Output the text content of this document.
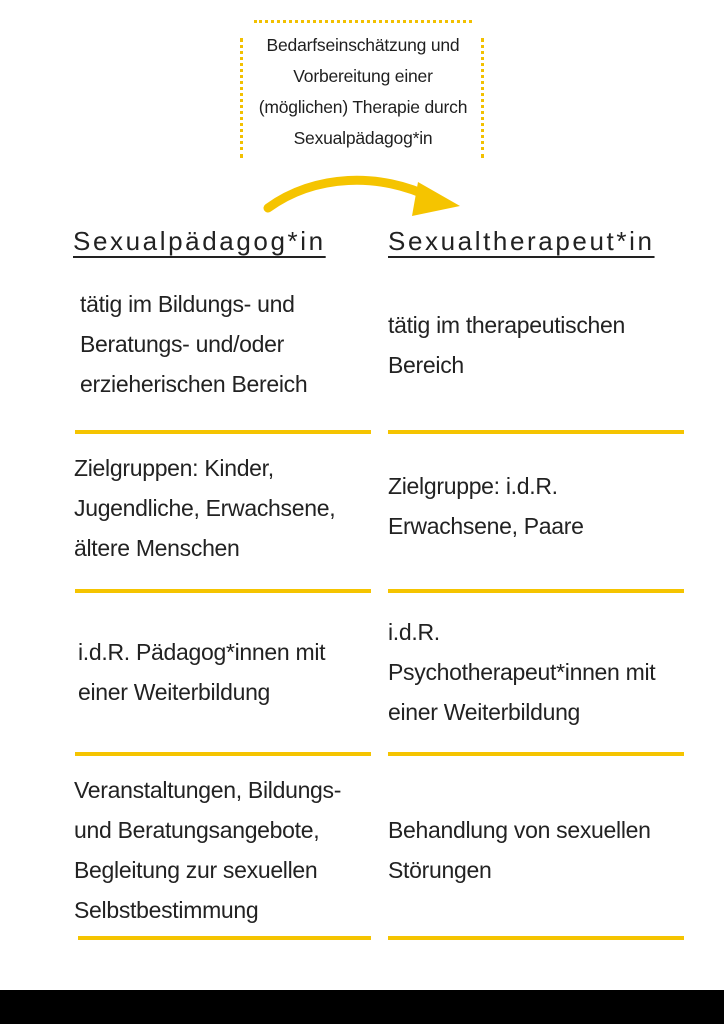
Bedarfseinschätzung und
Vorbereitung einer
(möglichen) Therapie durch
Sexualpädagog*in
Sexualpädagog*in Sexualtherapeut*in
tätig im Bildungs- und
Beratungs- und/oder
erzieherischen Bereich
tätig im therapeutischen
Bereich
Zielgruppen: Kinder,
Jugendliche, Erwachsene,
ältere Menschen
Zielgruppe: i.d.R.
Erwachsene, Paare
i.d.R. Pädagog*innen mit
einer Weiterbildung
i.d.R.
Psychotherapeut*innen mit
einer Weiterbildung
Veranstaltungen, Bildungs-
und Beratungsangebote,
Begleitung zur sexuellen
Selbstbestimmung
Behandlung von sexuellen
Störungen
